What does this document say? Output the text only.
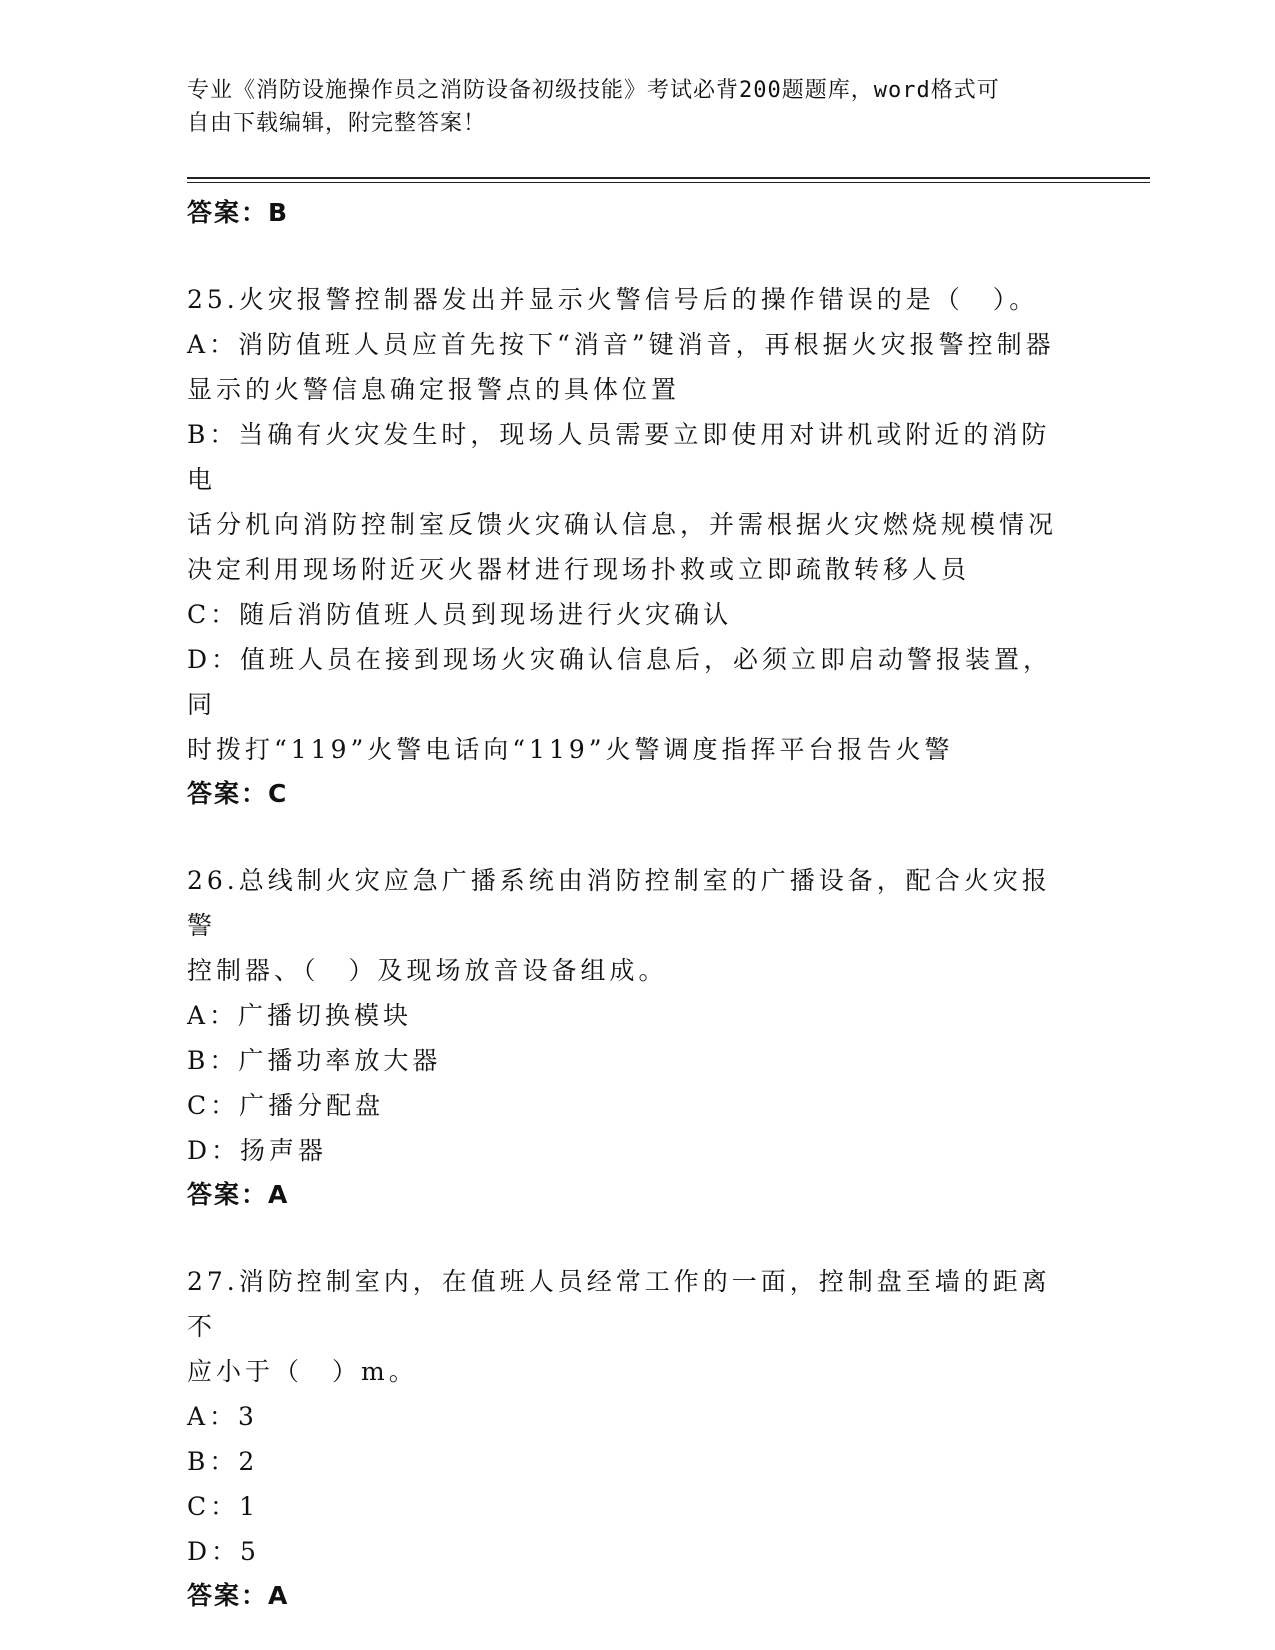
专业《消防设施操作员之消防设备初级技能》考试必背200题题库，word格式可
自由下载编辑，附完整答案！
答案：B
25.火灾报警控制器发出并显示火警信号后的操作错误的是（　）。
A：消防值班人员应首先按下“消音”键消音，再根据火灾报警控制器
显示的火警信息确定报警点的具体位置
B：当确有火灾发生时，现场人员需要立即使用对讲机或附近的消防电
话分机向消防控制室反馈火灾确认信息，并需根据火灾燃烧规模情况
决定利用现场附近灭火器材进行现场扑救或立即疏散转移人员
C：随后消防值班人员到现场进行火灾确认
D：值班人员在接到现场火灾确认信息后，必须立即启动警报装置，同
时拨打“119”火警电话向“119”火警调度指挥平台报告火警
答案：C
26.总线制火灾应急广播系统由消防控制室的广播设备，配合火灾报警
控制器、（　）及现场放音设备组成。
A：广播切换模块
B：广播功率放大器
C：广播分配盘
D：扬声器
答案：A
27.消防控制室内，在值班人员经常工作的一面，控制盘至墙的距离不
应小于（　）m。
A：3
B：2
C：1
D：5
答案：A
